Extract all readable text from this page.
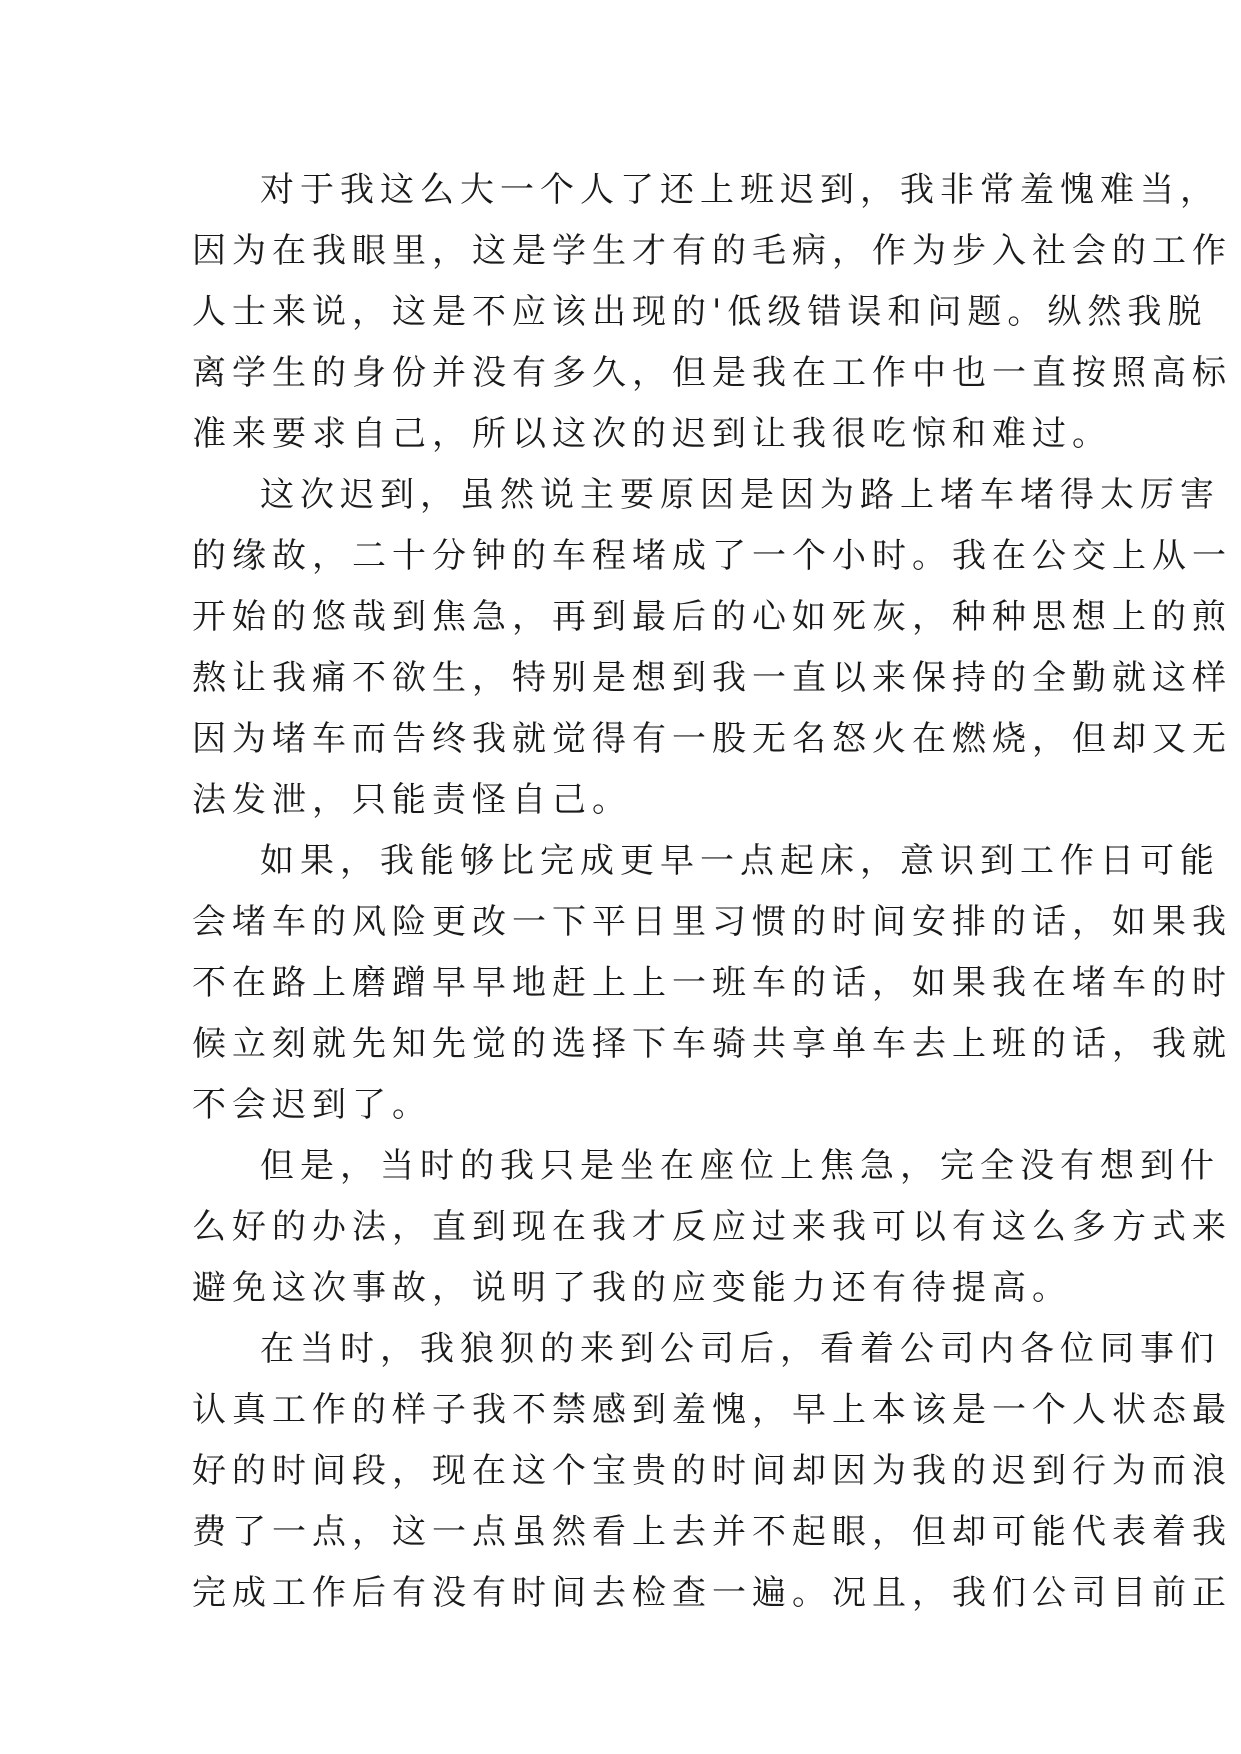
对于我这么大一个人了还上班迟到，我非常羞愧难当，
因为在我眼里，这是学生才有的毛病，作为步入社会的工作
人士来说，这是不应该出现的'低级错误和问题。纵然我脱
离学生的身份并没有多久，但是我在工作中也一直按照高标
准来要求自己，所以这次的迟到让我很吃惊和难过。
这次迟到，虽然说主要原因是因为路上堵车堵得太厉害
的缘故，二十分钟的车程堵成了一个小时。我在公交上从一
开始的悠哉到焦急，再到最后的心如死灰，种种思想上的煎
熬让我痛不欲生，特别是想到我一直以来保持的全勤就这样
因为堵车而告终我就觉得有一股无名怒火在燃烧，但却又无
法发泄，只能责怪自己。
如果，我能够比完成更早一点起床，意识到工作日可能
会堵车的风险更改一下平日里习惯的时间安排的话，如果我
不在路上磨蹭早早地赶上上一班车的话，如果我在堵车的时
候立刻就先知先觉的选择下车骑共享单车去上班的话，我就
不会迟到了。
但是，当时的我只是坐在座位上焦急，完全没有想到什
么好的办法，直到现在我才反应过来我可以有这么多方式来
避免这次事故，说明了我的应变能力还有待提高。
在当时，我狼狈的来到公司后，看着公司内各位同事们
认真工作的样子我不禁感到羞愧，早上本该是一个人状态最
好的时间段，现在这个宝贵的时间却因为我的迟到行为而浪
费了一点，这一点虽然看上去并不起眼，但却可能代表着我
完成工作后有没有时间去检查一遍。况且，我们公司目前正
